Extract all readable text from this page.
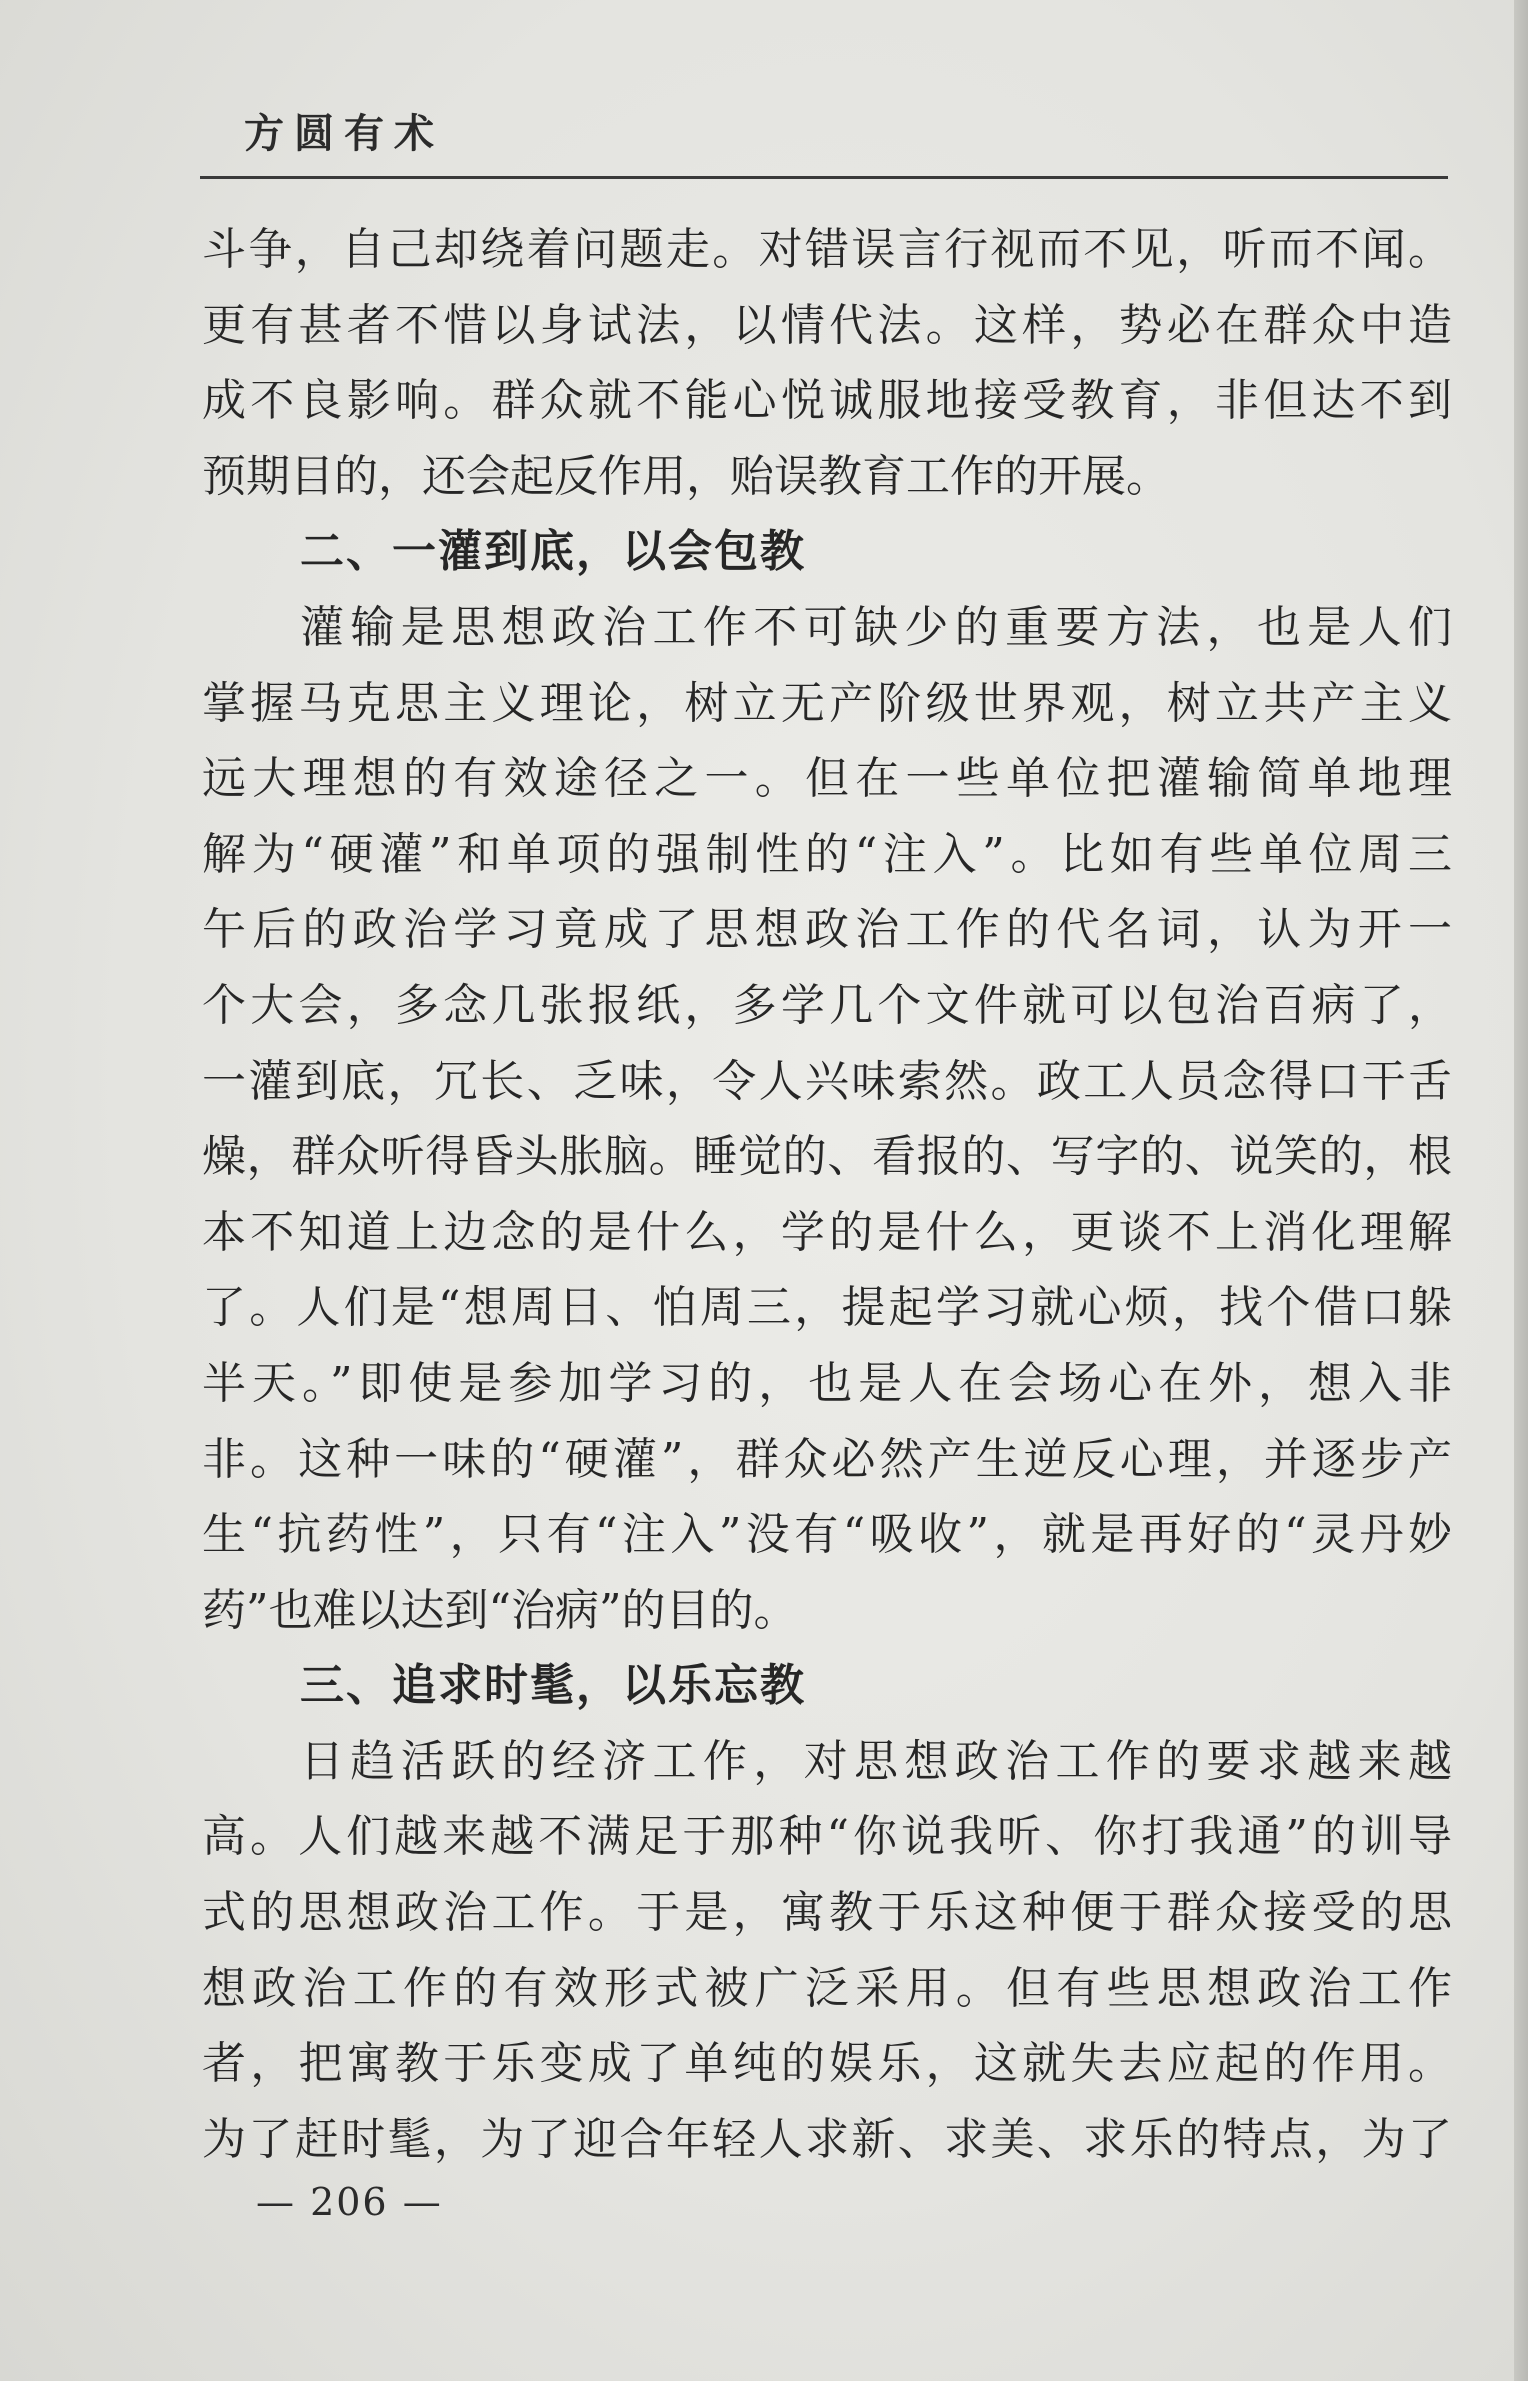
方圆有术
斗争，自己却绕着问题走。对错误言行视而不见，听而不闻。
更有甚者不惜以身试法，以情代法。这样，势必在群众中造
成不良影响。群众就不能心悦诚服地接受教育，非但达不到
预期目的，还会起反作用，贻误教育工作的开展。
二、一灌到底，以会包教
灌输是思想政治工作不可缺少的重要方法，也是人们
掌握马克思主义理论，树立无产阶级世界观，树立共产主义
远大理想的有效途径之一。但在一些单位把灌输简单地理
解为“硬灌”和单项的强制性的“注入”。比如有些单位周三
午后的政治学习竟成了思想政治工作的代名词，认为开一
个大会，多念几张报纸，多学几个文件就可以包治百病了，
一灌到底，冗长、乏味，令人兴味索然。政工人员念得口干舌
燥，群众听得昏头胀脑。睡觉的、看报的、写字的、说笑的，根
本不知道上边念的是什么，学的是什么，更谈不上消化理解
了。人们是“想周日、怕周三，提起学习就心烦，找个借口躲
半天。”即使是参加学习的，也是人在会场心在外，想入非
非。这种一味的“硬灌”，群众必然产生逆反心理，并逐步产
生“抗药性”，只有“注入”没有“吸收”，就是再好的“灵丹妙
药”也难以达到“治病”的目的。
三、追求时髦，以乐忘教
日趋活跃的经济工作，对思想政治工作的要求越来越
高。人们越来越不满足于那种“你说我听、你打我通”的训导
式的思想政治工作。于是，寓教于乐这种便于群众接受的思
想政治工作的有效形式被广泛采用。但有些思想政治工作
者，把寓教于乐变成了单纯的娱乐，这就失去应起的作用。
为了赶时髦，为了迎合年轻人求新、求美、求乐的特点，为了
— 206 —
